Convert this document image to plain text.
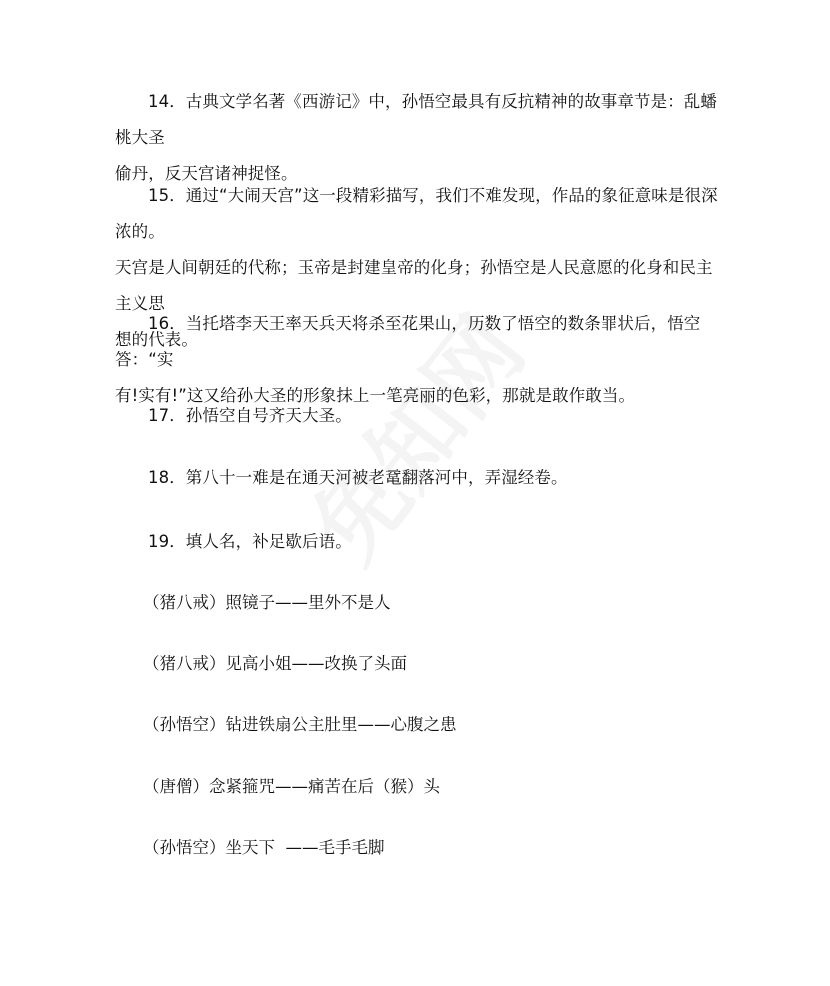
14．古典文学名著《西游记》中，孙悟空最具有反抗精神的故事章节是：乱蟠桃大圣
偷丹，反天宫诸神捉怪。

15．通过“大闹天宫”这一段精彩描写，我们不难发现，作品的象征意味是很深浓的。
天宫是人间朝廷的代称；玉帝是封建皇帝的化身；孙悟空是人民意愿的化身和民主主义思
想的代表。

16．当托塔李天王率天兵天将杀至花果山，历数了悟空的数条罪状后，悟空答：“实
有!实有!”这又给孙大圣的形象抹上一笔亮丽的色彩，那就是敢作敢当。

17．孙悟空自号齐天大圣。

18．第八十一难是在通天河被老鼋翻落河中，弄湿经卷。

19．填人名，补足歇后语。

（猪八戒）照镜子——里外不是人
（猪八戒）见高小姐——改换了头面
（孙悟空）钻进铁扇公主肚里——心腹之患
（唐僧）念紧箍咒——痛苦在后（猴）头
（孙悟空）坐天下  ——毛手毛脚
